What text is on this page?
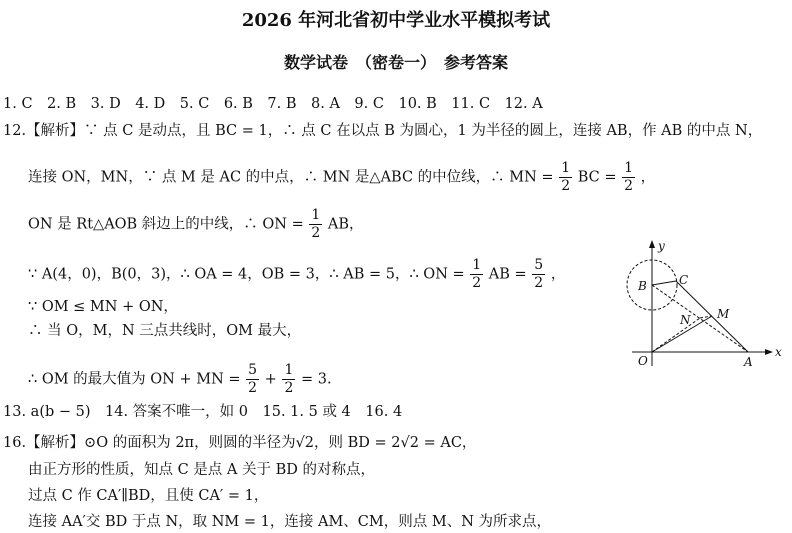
2026 年河北省初中学业水平模拟考试
数学试卷　（密卷一）　参考答案
1. C　2. B　3. D　4. D　5. C　6. B　7. B　8. A　9. C　10. B　11. C　12. A
12.【解析】∵ 点 C 是动点，且 BC = 1，∴ 点 C 在以点 B 为圆心，1 为半径的圆上，连接 AB，作 AB 的中点 N，
连接 ON，MN，∵ 点 M 是 AC 的中点，∴ MN 是△ABC 的中位线，∴ MN = $\frac{1}{2}$ BC = $\frac{1}{2}$ ，
ON 是 Rt△AOB 斜边上的中线，∴ ON = $\frac{1}{2}$ AB，
∵ A(4，0)，B(0，3)，∴ OA = 4，OB = 3，∴ AB = 5，∴ ON = $\frac{1}{2}$ AB = $\frac{5}{2}$ ，
∵ OM ≤ MN + ON，
∴ 当 O，M，N 三点共线时，OM 最大，
∴ OM 的最大值为 ON + MN = $\frac{5}{2} + \frac{1}{2} = 3$.
13. a(b − 5)　14. 答案不唯一，如 0　15. 1. 5 或 4　16. 4
16.【解析】⊙O 的面积为 2π，则圆的半径为√2，则 BD = 2√2 = AC，
由正方形的性质，知点 C 是点 A 关于 BD 的对称点，
过点 C 作 CA′∥BD，且使 CA′ = 1，
连接 AA′交 BD 于点 N，取 NM = 1，连接 AM、CM，则点 M、N 为所求点，
y
x
O	A
B	C
M
N
